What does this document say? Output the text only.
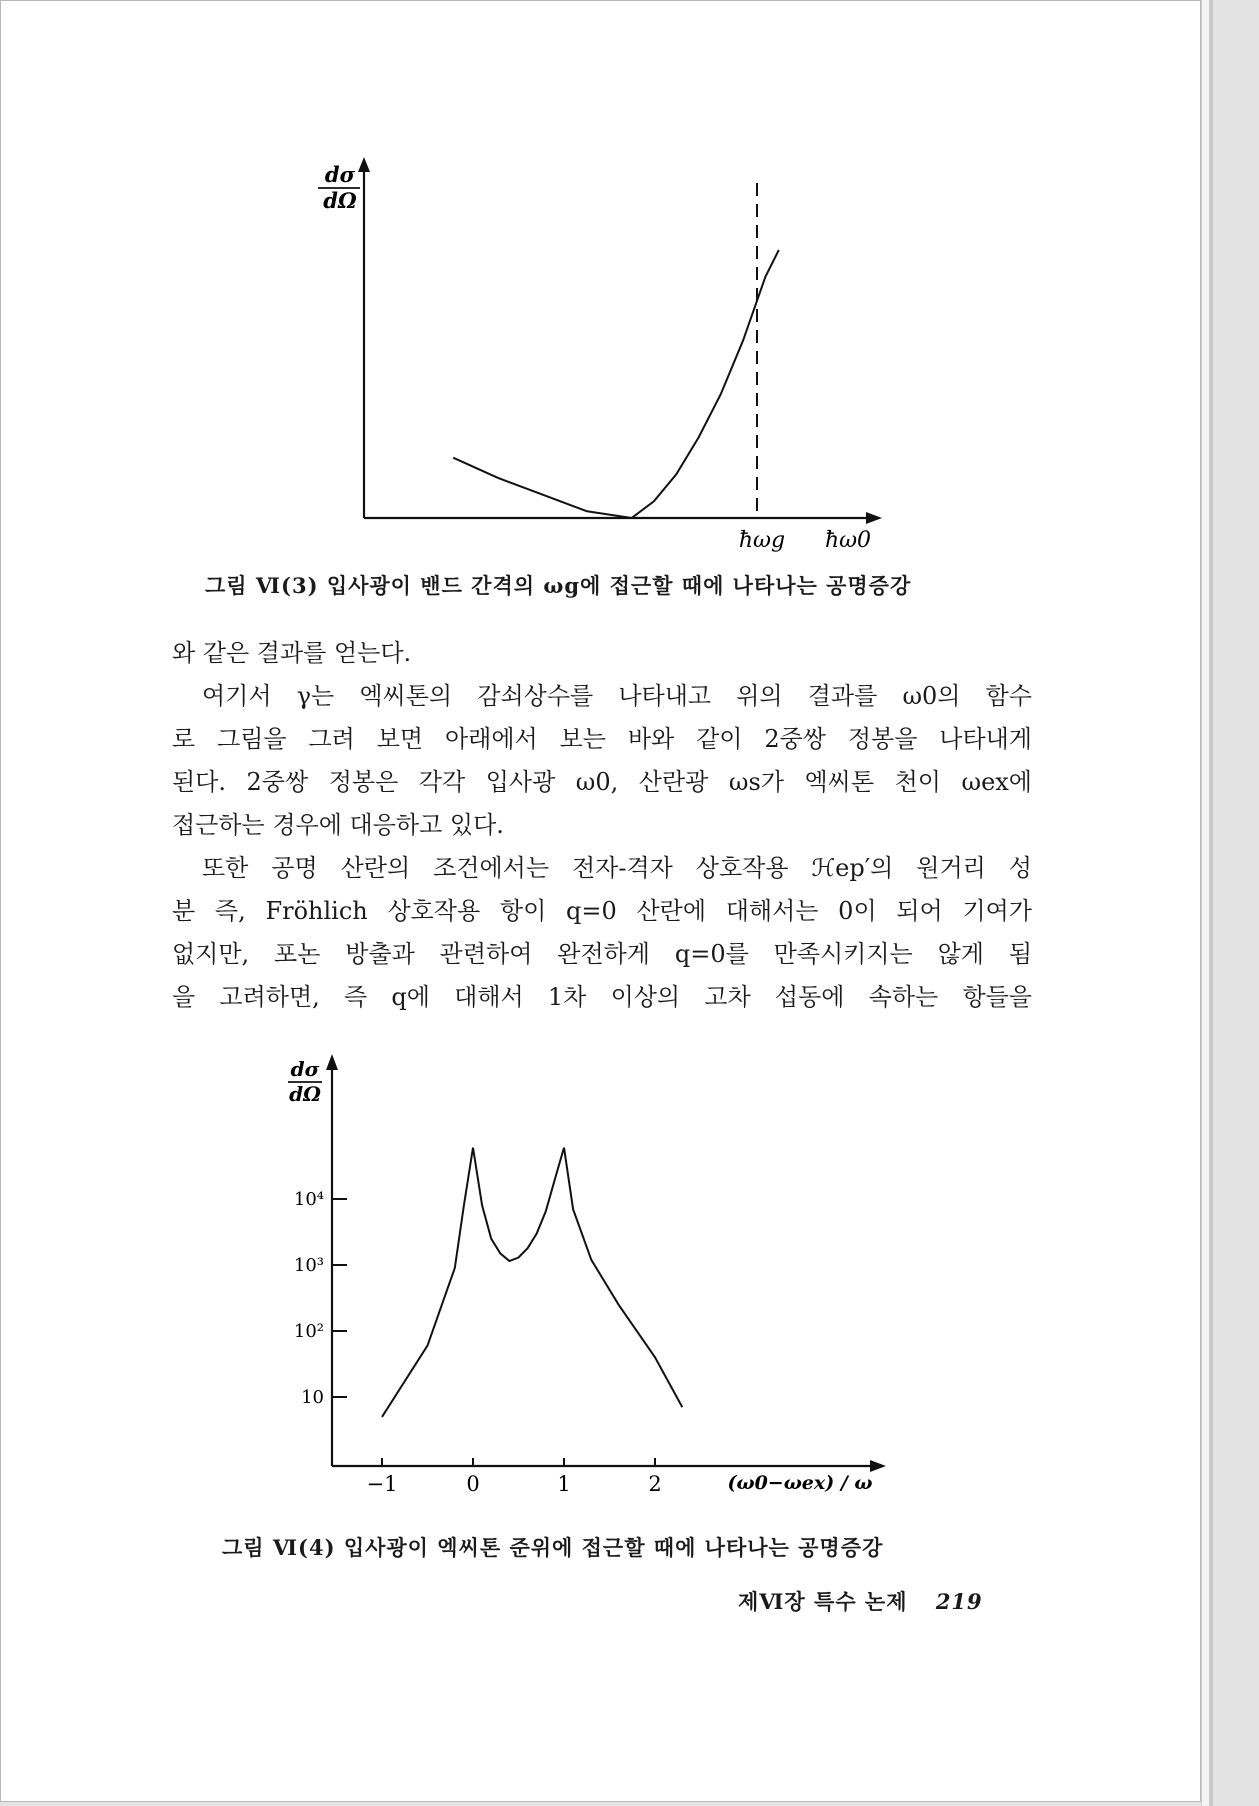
dσ
dΩ
ħωg ħω0
그림 Ⅵ(3) 입사광이 밴드 간격의 ωg에 접근할 때에 나타나는 공명증강
와 같은 결과를 얻는다.
여기서 γ는 엑씨톤의 감쇠상수를 나타내고 위의 결과를 ω0의 함수
로 그림을 그려 보면 아래에서 보는 바와 같이 2중쌍 정봉을 나타내게
된다. 2중쌍 정봉은 각각 입사광 ω0, 산란광 ωs가 엑씨톤 천이 ωex에
접근하는 경우에 대응하고 있다.
또한 공명 산란의 조건에서는 전자-격자 상호작용 ℋep′의 원거리 성
분 즉, Fröhlich 상호작용 항이 q=0 산란에 대해서는 0이 되어 기여가
없지만, 포논 방출과 관련하여 완전하게 q=0를 만족시키지는 않게 됨
을 고려하면, 즉 q에 대해서 1차 이상의 고차 섭동에 속하는 항들을
dσ
dΩ
(ω0−ωex) / ω
−1	0	1	2
10
10²
10³
10⁴
그림 Ⅵ(4) 입사광이 엑씨톤 준위에 접근할 때에 나타나는 공명증강
제Ⅵ장 특수 논제 219
